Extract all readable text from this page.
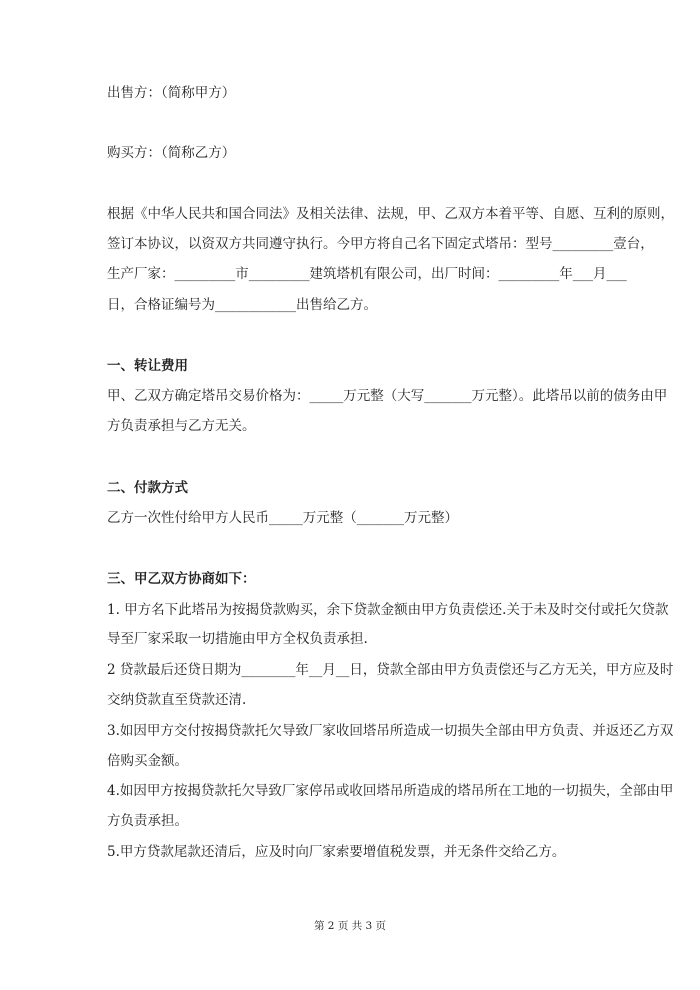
出售方：（简称甲方）
购买方：（简称乙方）
根据《中华人民共和国合同法》及相关法律、法规，甲、乙双方本着平等、自愿、互利的原则，
签订本协议，以资双方共同遵守执行。今甲方将自己名下固定式塔吊：型号_________壹台，
生产厂家：_________市_________建筑塔机有限公司，出厂时间：_________年___月___
日，合格证编号为____________出售给乙方。
一、转让费用
甲、乙双方确定塔吊交易价格为：_____万元整（大写_______万元整）。此塔吊以前的债务由甲
方负责承担与乙方无关。
二、付款方式
乙方一次性付给甲方人民币_____万元整（_______万元整）
三、甲乙双方协商如下：
1. 甲方名下此塔吊为按揭贷款购买，余下贷款金额由甲方负责偿还.关于未及时交付或托欠贷款
导至厂家采取一切措施由甲方全权负责承担.
2 贷款最后还贷日期为________年__月__日，贷款全部由甲方负责偿还与乙方无关，甲方应及时
交纳贷款直至贷款还清.
3.如因甲方交付按揭贷款托欠导致厂家收回塔吊所造成一切损失全部由甲方负责、并返还乙方双
倍购买金额。
4.如因甲方按揭贷款托欠导致厂家停吊或收回塔吊所造成的塔吊所在工地的一切损失，全部由甲
方负责承担。
5.甲方贷款尾款还清后，应及时向厂家索要增值税发票，并无条件交给乙方。
第 2 页 共 3 页
